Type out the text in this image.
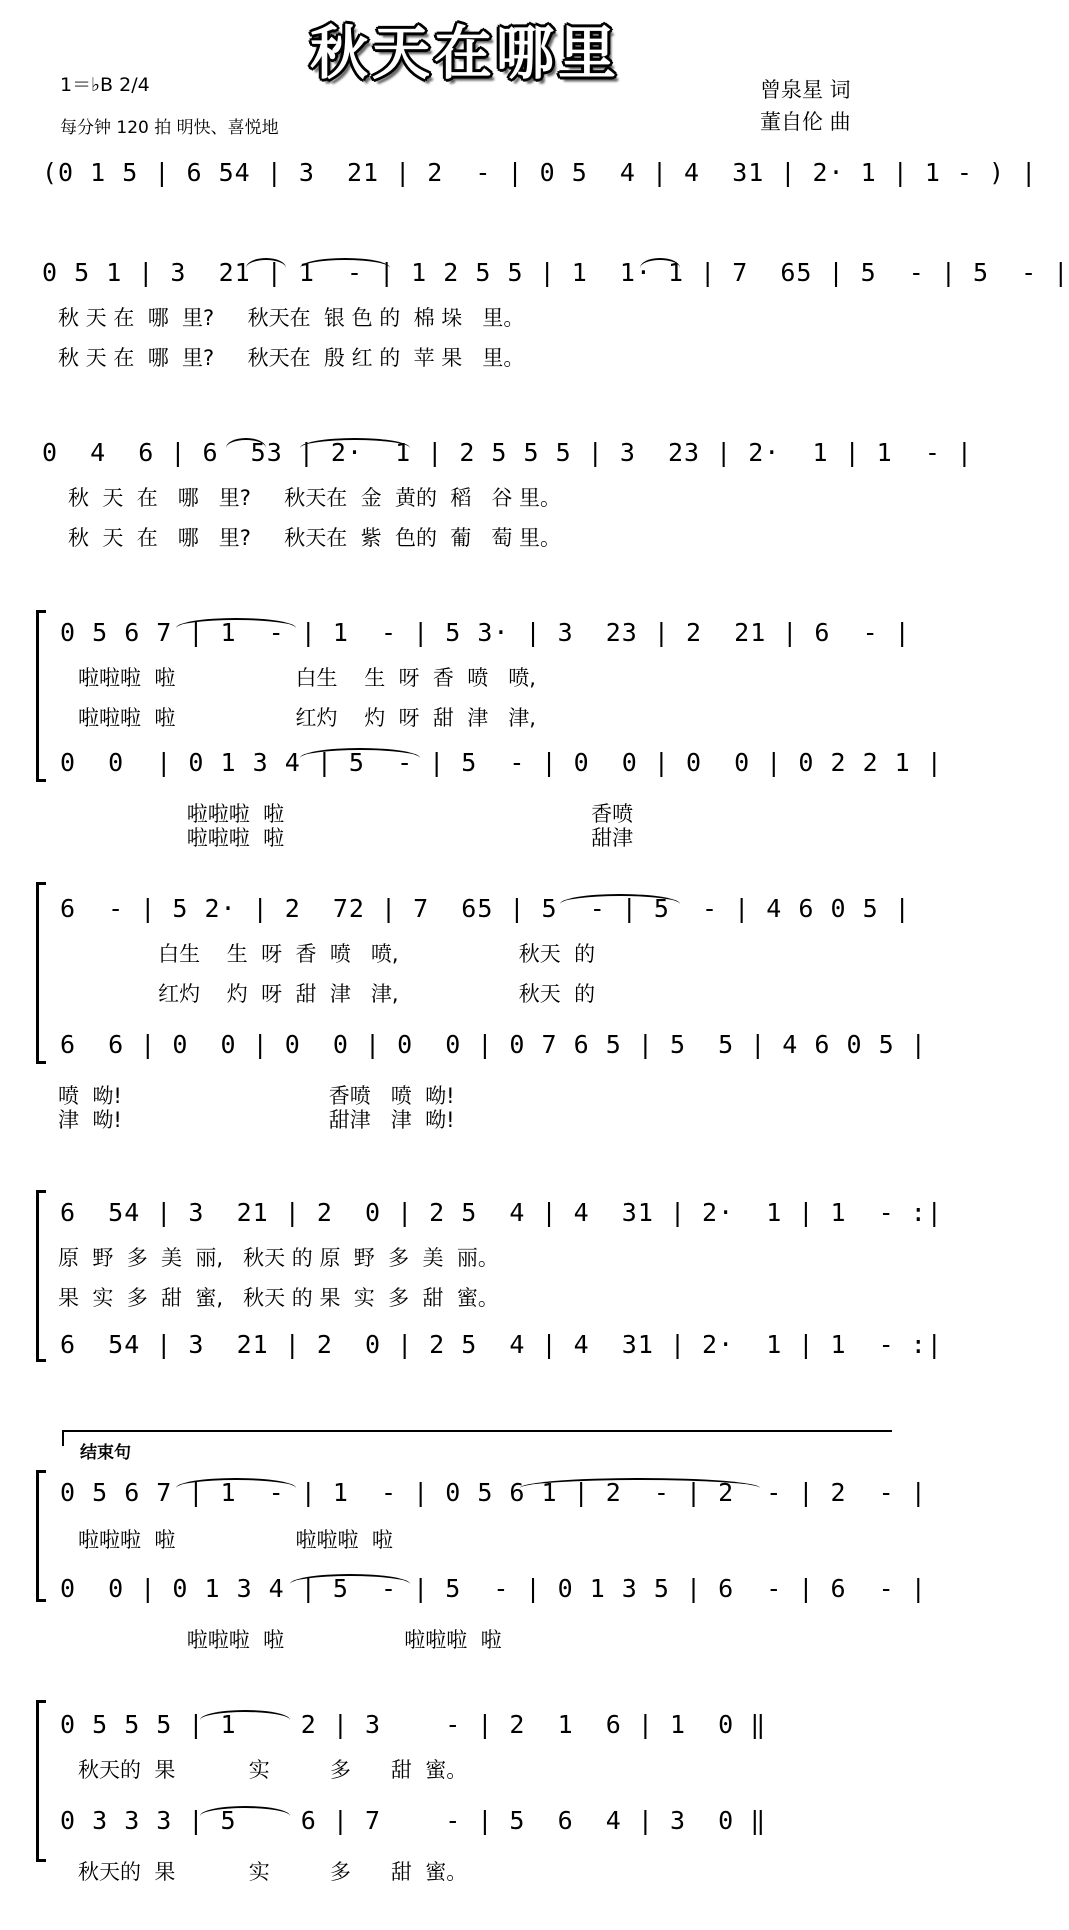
秋天在哪里
1＝♭B 2/4
每分钟 120 拍 明快、喜悦地
曾泉星 词
董自伦 曲
结束句
(0 1 5 | 6 54 | 3  21 | 2  - | 0 5  4 | 4  31 | 2· 1 | 1 - ) |
0 5 1 | 3  21 | 1  - | 1 2 5 5 | 1  1· 1 | 7  65 | 5  - | 5  - |
秋 天 在  哪  里?     秋天在  银 色 的  棉 垛   里。
秋 天 在  哪  里?     秋天在  殷 红 的  苹 果   里。
0  4  6 | 6  53 | 2·  1 | 2 5 5 5 | 3  23 | 2·  1 | 1  - |
秋  天  在   哪   里?     秋天在  金  黄的  稻   谷 里。
秋  天  在   哪   里?     秋天在  紫  色的  葡   萄 里。
0 5 6 7 | 1  - | 1  - | 5 3· | 3  23 | 2  21 | 6  - |
啦啦啦  啦                  白生    生  呀  香  喷   喷,
啦啦啦  啦                  红灼    灼  呀  甜  津   津,
0  0  | 0 1 3 4 | 5  - | 5  - | 0  0 | 0  0 | 0 2 2 1 |
啦啦啦  啦                                              香喷
啦啦啦  啦                                              甜津
6  - | 5 2· | 2  72 | 7  65 | 5  - | 5  - | 4 6 0 5 |
白生    生  呀  香  喷   喷,                  秋天  的
红灼    灼  呀  甜  津   津,                  秋天  的
6  6 | 0  0 | 0  0 | 0  0 | 0 7 6 5 | 5  5 | 4 6 0 5 |
喷  呦!                               香喷   喷  呦!
津  呦!                               甜津   津  呦!
6  54 | 3  21 | 2  0 | 2 5  4 | 4  31 | 2·  1 | 1  - :|
原  野  多  美  丽,   秋天 的 原  野  多  美  丽。
果  实  多  甜  蜜,   秋天 的 果  实  多  甜  蜜。
6  54 | 3  21 | 2  0 | 2 5  4 | 4  31 | 2·  1 | 1  - :|
0 5 6 7 | 1  - | 1  - | 0 5 6 1 | 2  - | 2  - | 2  - |
啦啦啦  啦                  啦啦啦  啦
0  0 | 0 1 3 4 | 5  - | 5  - | 0 1 3 5 | 6  - | 6  - |
啦啦啦  啦                  啦啦啦  啦
0 5 5 5 | 1    2 | 3    - | 2  1  6 | 1  0 ‖
秋天的  果           实         多      甜  蜜。
0 3 3 3 | 5    6 | 7    - | 5  6  4 | 3  0 ‖
秋天的  果           实         多      甜  蜜。
